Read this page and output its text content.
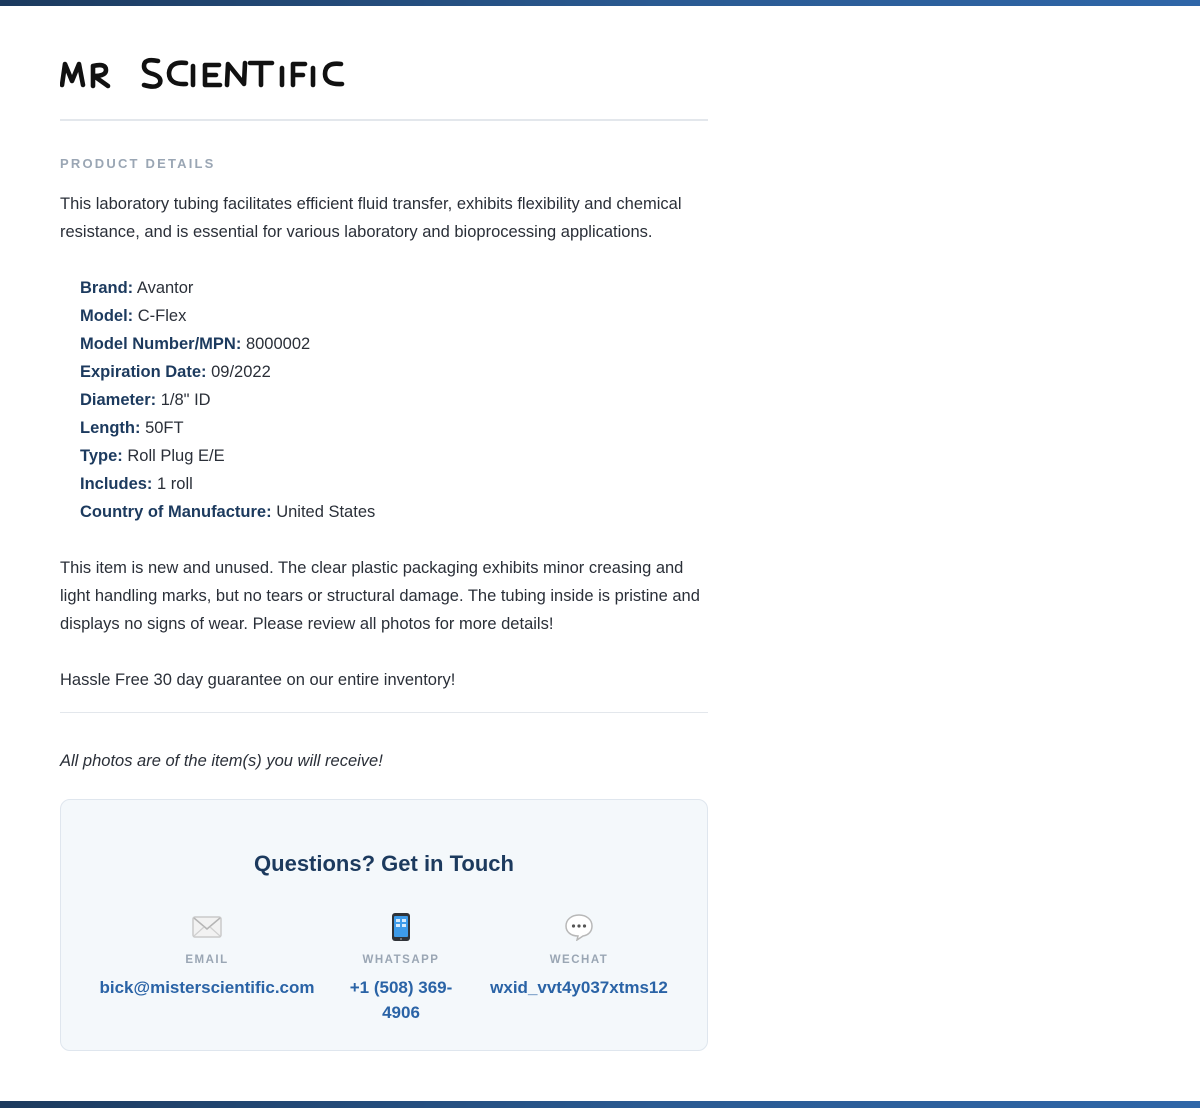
PRODUCT DETAILS
This laboratory tubing facilitates efficient fluid transfer, exhibits flexibility and chemical resistance, and is essential for various laboratory and bioprocessing applications.
Brand: Avantor
Model: C-Flex
Model Number/MPN: 8000002
Expiration Date: 09/2022
Diameter: 1/8" ID
Length: 50FT
Type: Roll Plug E/E
Includes: 1 roll
Country of Manufacture: United States
This item is new and unused. The clear plastic packaging exhibits minor creasing and light handling marks, but no tears or structural damage. The tubing inside is pristine and displays no signs of wear. Please review all photos for more details!
Hassle Free 30 day guarantee on our entire inventory!
All photos are of the item(s) you will receive!
Questions? Get in Touch
EMAIL
bick@misterscientific.com
WHATSAPP
+1 (508) 369-4906
WECHAT
wxid_vvt4y037xtms12
